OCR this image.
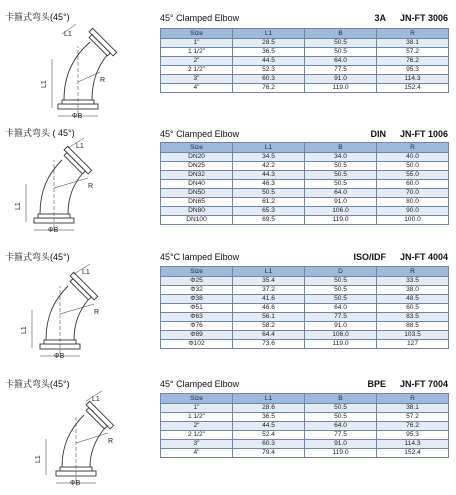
卡箍式弯头(45°)
L1
L1
R
ΦB
45° Clamped Elbow	3A JN-FT 3006
Size	L1	B	R
1"	28.5	50.5	38.1
1 1/2"	36.5	50.5	57.2
2"	44.5	64.0	76.2
2 1/2"	52.3	77.5	95.3
3"	60.3	91.0	114.3
4"	76.2	119.0	152.4
卡箍式弯头 ( 45°)
L1
L1
R
ΦB
45° Clamped Elbow	DIN JN-FT 1006
Size	L1	B	R
DN20	34.5	34.0	40.0
DN25	42.2	50.5	50.0
DN32	44.3	50.5	55.0
DN40	46.3	50.5	60.0
DN50	50.5	64.0	70.0
DN65	61.2	91.0	80.0
DN80	65.3	106.0	90.0
DN100	69.5	119.0	100.0
卡箍式弯头(45°)
L1
L1
R
ΦB
45°C lamped Elbow	ISO/IDF JN-FT 4004
Size	L1	D	R
Φ25	35.4	50.5	33.5
Φ32	37.2	50.5	38.0
Φ38	41.6	50.5	48.5
Φ51	46.6	64.0	60.5
Φ63	56.1	77.5	83.5
Φ76	58.2	91.0	88.5
Φ89	64.4	106.0	103.5
Φ102	73.6	119.0	127
卡箍式弯头(45°)
L1
L1
R
ΦB
45° Clamped Elbow	BPE JN-FT 7004
Size	L1	B	R
1"	28.6	50.5	38.1
1 1/2"	36.5	50.5	57.2
2"	44.5	64.0	76.2
2 1/2"	52.4	77.5	95.3
3"	60.3	91.0	114.3
4"	79.4	119.0	152.4
